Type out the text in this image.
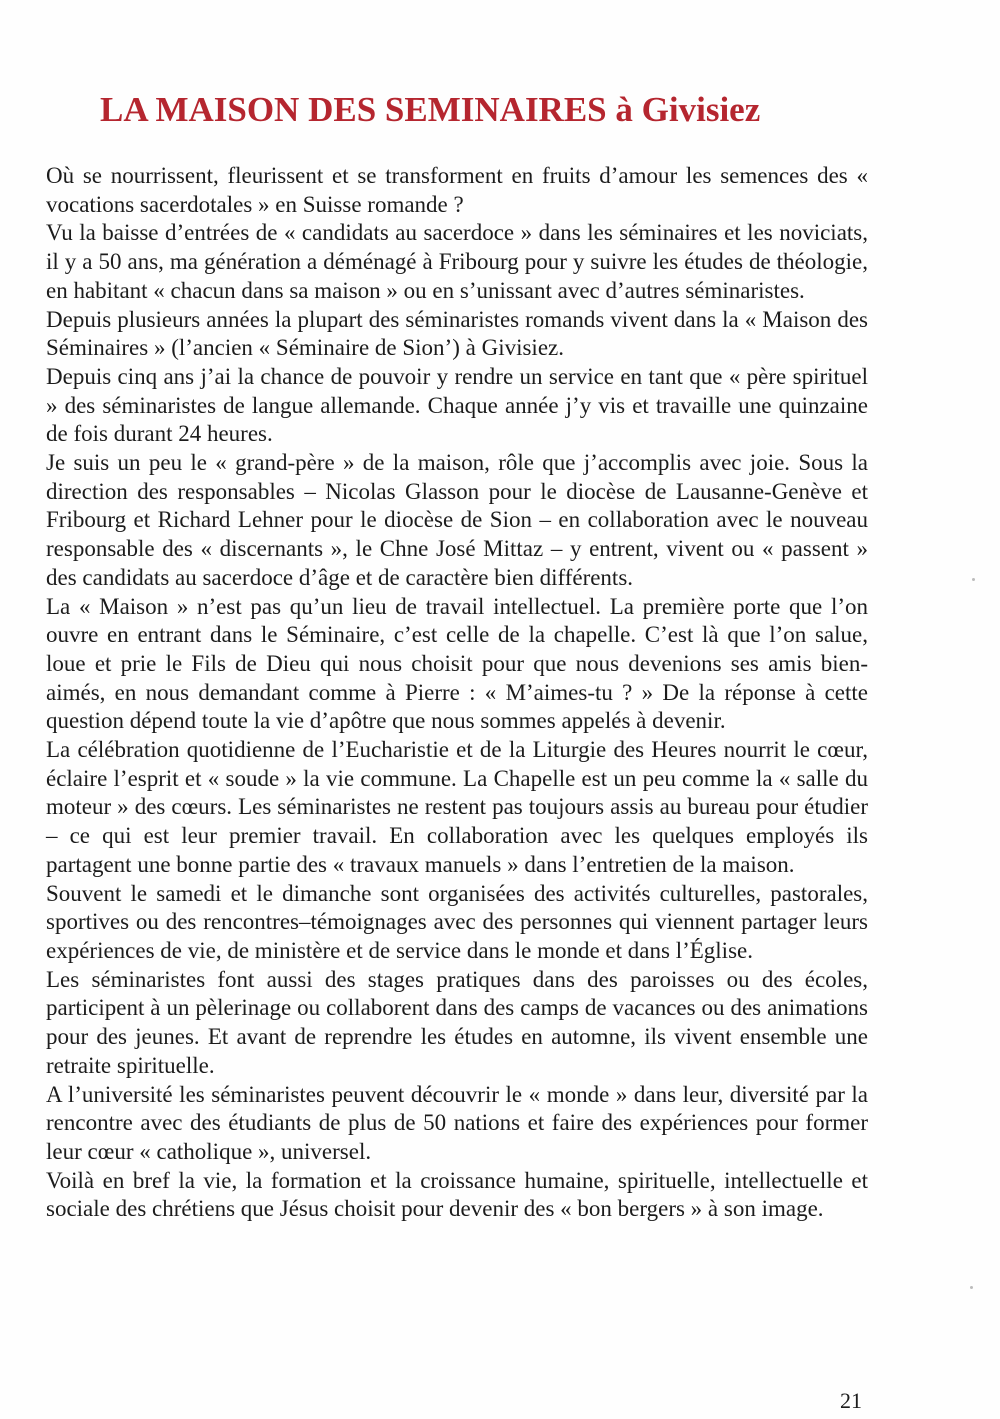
LA MAISON DES SEMINAIRES à Givisiez

Où se nourrissent, fleurissent et se transforment en fruits d’amour les semences des « vocations sacerdotales » en Suisse romande ?

Vu la baisse d’entrées de « candidats au sacerdoce » dans les séminaires et les noviciats, il y a 50 ans, ma génération a déménagé à Fribourg pour y suivre les études de théologie, en habitant « chacun dans sa maison » ou en s’unissant avec d’autres séminaristes.

Depuis plusieurs années la plupart des séminaristes romands vivent dans la « Maison des Séminaires » (l’ancien « Séminaire de Sion’) à Givisiez.

Depuis cinq ans j’ai la chance de pouvoir y rendre un service en tant que « père spirituel » des séminaristes de langue allemande. Chaque année j’y vis et travaille une quinzaine de fois durant 24 heures.

Je suis un peu le « grand-père » de la maison, rôle que j’accomplis avec joie. Sous la direction des responsables – Nicolas Glasson pour le diocèse de Lausanne-Genève et Fribourg et Richard Lehner pour le diocèse de Sion – en collaboration avec le nouveau responsable des « discernants », le Chne José Mittaz – y entrent, vivent ou « passent » des candidats au sacerdoce d’âge et de caractère bien différents.

La « Maison » n’est pas qu’un lieu de travail intellectuel. La première porte que l’on ouvre en entrant dans le Séminaire, c’est celle de la chapelle. C’est là que l’on salue, loue et prie le Fils de Dieu qui nous choisit pour que nous devenions ses amis bien-aimés, en nous demandant comme à Pierre : « M’aimes-tu ? » De la réponse à cette question dépend toute la vie d’apôtre que nous sommes appelés à devenir.

La célébration quotidienne de l’Eucharistie et de la Liturgie des Heures nourrit le cœur, éclaire l’esprit et « soude » la vie commune. La Chapelle est un peu comme la « salle du moteur » des cœurs. Les séminaristes ne restent pas toujours assis au bureau pour étudier – ce qui est leur premier travail. En collaboration avec les quelques employés ils partagent une bonne partie des « travaux manuels » dans l’entretien de la maison.

Souvent le samedi et le dimanche sont organisées des activités culturelles, pastorales, sportives ou des rencontres–témoignages avec des personnes qui viennent partager leurs expériences de vie, de ministère et de service dans le monde et dans l’Église.

Les séminaristes font aussi des stages pratiques dans des paroisses ou des écoles, participent à un pèlerinage ou collaborent dans des camps de vacances ou des animations pour des jeunes. Et avant de reprendre les études en automne, ils vivent ensemble une retraite spirituelle.

A l’université les séminaristes peuvent découvrir le « monde » dans leur, diversité par la rencontre avec des étudiants de plus de 50 nations et faire des expériences pour former leur cœur « catholique », universel.

Voilà en bref la vie, la formation et la croissance humaine, spirituelle, intellectuelle et sociale des chrétiens que Jésus choisit pour devenir des « bon bergers » à son image.

21
